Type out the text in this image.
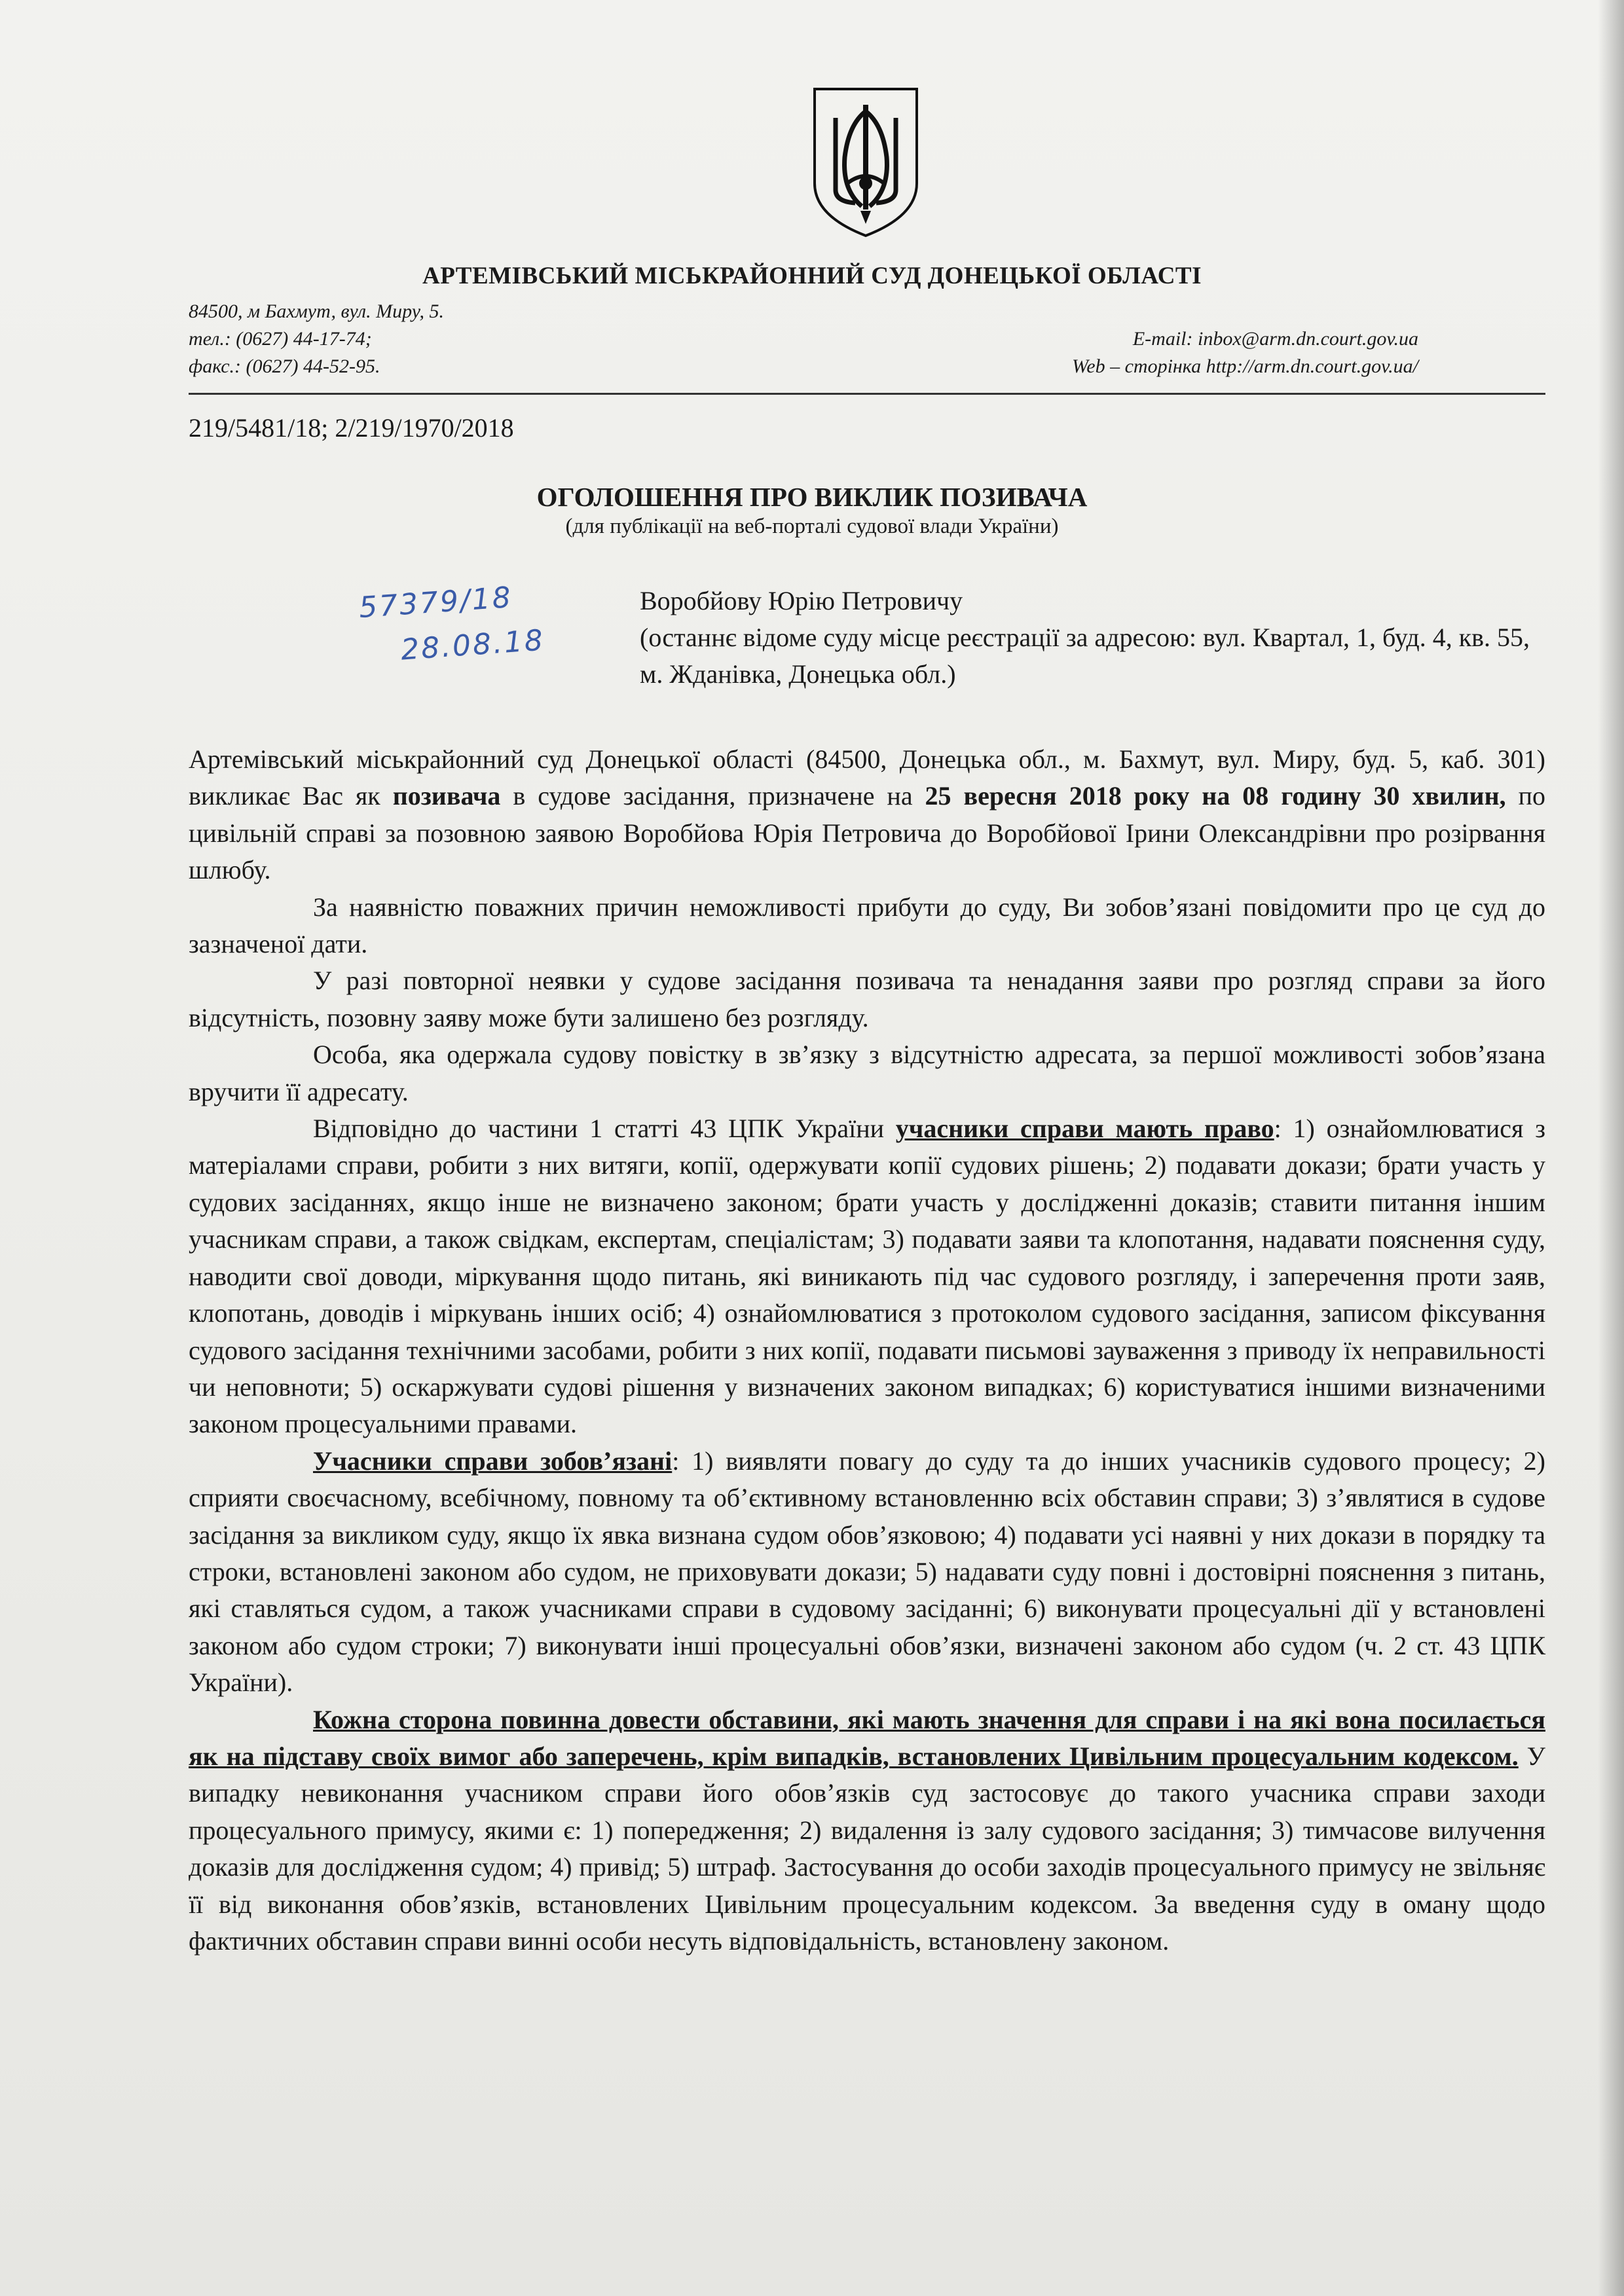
АРТЕМІВСЬКИЙ МІСЬКРАЙОННИЙ СУД ДОНЕЦЬКОЇ ОБЛАСТІ
84500, м Бахмут, вул. Миру, 5.
тел.: (0627) 44-17-74;
факс.: (0627) 44-52-95.
E-mail: inbox@arm.dn.court.gov.ua
Web – сторінка http://arm.dn.court.gov.ua/
219/5481/18; 2/219/1970/2018
ОГОЛОШЕННЯ ПРО ВИКЛИК ПОЗИВАЧА
(для публікації на веб-порталі судової влади України)
57379/18
28.08.18

Воробйову Юрію Петровичу

(останнє відоме суду місце реєстрації за адресою: вул. Квартал, 1, буд. 4, кв. 55, м. Жданівка, Донецька обл.)

Артемівський міськрайонний суд Донецької області (84500, Донецька обл., м. Бахмут, вул. Миру, буд. 5, каб. 301) викликає Вас як позивача в судове засідання, призначене на 25 вересня 2018 року на 08 годину 30 хвилин, по цивільній справі за позовною заявою Воробйова Юрія Петровича до Воробйової Ірини Олександрівни про розірвання шлюбу.

За наявністю поважних причин неможливості прибути до суду, Ви зобов’язані повідомити про це суд до зазначеної дати.

У разі повторної неявки у судове засідання позивача та ненадання заяви про розгляд справи за його відсутність, позовну заяву може бути залишено без розгляду.

Особа, яка одержала судову повістку в зв’язку з відсутністю адресата, за першої можливості зобов’язана вручити її адресату.

Відповідно до частини 1 статті 43 ЦПК України учасники справи мають право: 1) ознайомлюватися з матеріалами справи, робити з них витяги, копії, одержувати копії судових рішень; 2) подавати докази; брати участь у судових засіданнях, якщо інше не визначено законом; брати участь у дослідженні доказів; ставити питання іншим учасникам справи, а також свідкам, експертам, спеціалістам; 3) подавати заяви та клопотання, надавати пояснення суду, наводити свої доводи, міркування щодо питань, які виникають під час судового розгляду, і заперечення проти заяв, клопотань, доводів і міркувань інших осіб; 4) ознайомлюватися з протоколом судового засідання, записом фіксування судового засідання технічними засобами, робити з них копії, подавати письмові зауваження з приводу їх неправильності чи неповноти; 5) оскаржувати судові рішення у визначених законом випадках; 6) користуватися іншими визначеними законом процесуальними правами.

Учасники справи зобов’язані: 1) виявляти повагу до суду та до інших учасників судового процесу; 2) сприяти своєчасному, всебічному, повному та об’єктивному встановленню всіх обставин справи; 3) з’являтися в судове засідання за викликом суду, якщо їх явка визнана судом обов’язковою; 4) подавати усі наявні у них докази в порядку та строки, встановлені законом або судом, не приховувати докази; 5) надавати суду повні і достовірні пояснення з питань, які ставляться судом, а також учасниками справи в судовому засіданні; 6) виконувати процесуальні дії у встановлені законом або судом строки; 7) виконувати інші процесуальні обов’язки, визначені законом або судом (ч. 2 ст. 43 ЦПК України).

Кожна сторона повинна довести обставини, які мають значення для справи і на які вона посилається як на підставу своїх вимог або заперечень, крім випадків, встановлених Цивільним процесуальним кодексом. У випадку невиконання учасником справи його обов’язків суд застосовує до такого учасника справи заходи процесуального примусу, якими є: 1) попередження; 2) видалення із залу судового засідання; 3) тимчасове вилучення доказів для дослідження судом; 4) привід; 5) штраф. Застосування до особи заходів процесуального примусу не звільняє її від виконання обов’язків, встановлених Цивільним процесуальним кодексом. За введення суду в оману щодо фактичних обставин справи винні особи несуть відповідальність, встановлену законом.
